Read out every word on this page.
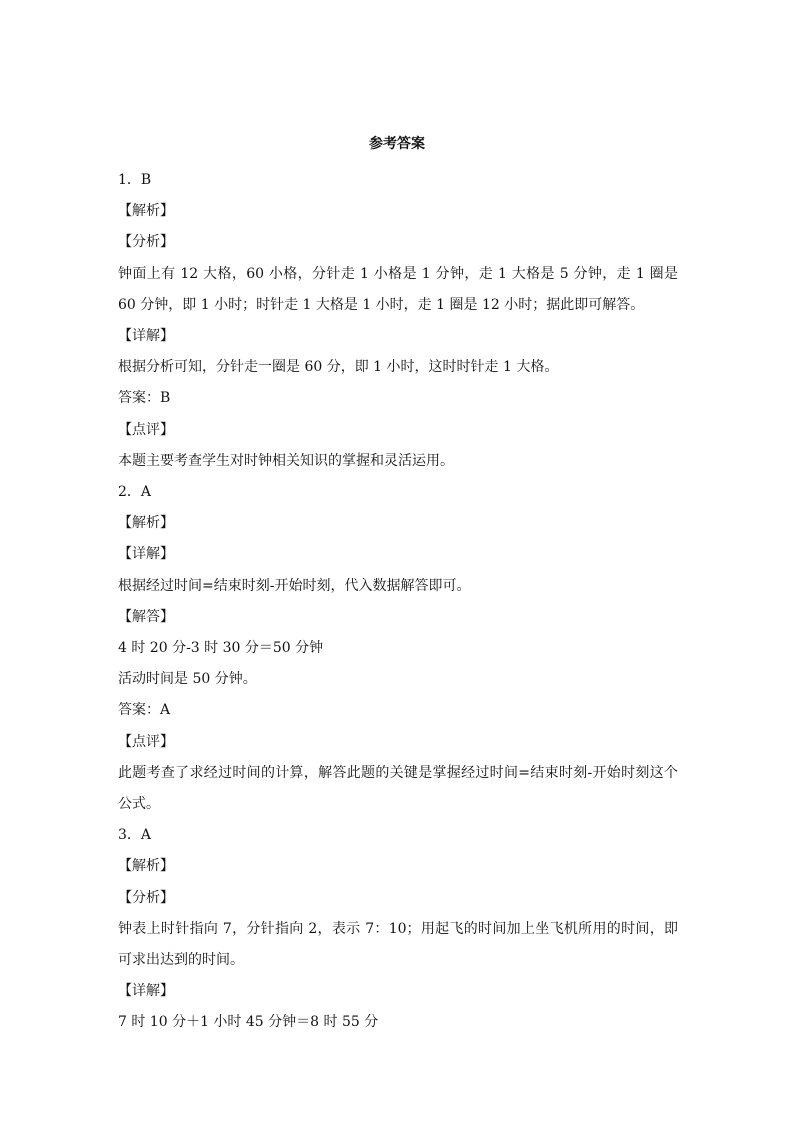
参考答案
1．B
【解析】
【分析】
钟面上有 12 大格，60 小格，分针走 1 小格是 1 分钟，走 1 大格是 5 分钟，走 1 圈是 60 分钟，即 1 小时；时针走 1 大格是 1 小时，走 1 圈是 12 小时；据此即可解答。
【详解】
根据分析可知，分针走一圈是 60 分，即 1 小时，这时时针走 1 大格。
答案：B
【点评】
本题主要考查学生对时钟相关知识的掌握和灵活运用。
2．A
【解析】
【详解】
根据经过时间=结束时刻-开始时刻，代入数据解答即可。
【解答】
4 时 20 分-3 时 30 分＝50 分钟
活动时间是 50 分钟。
答案：A
【点评】
此题考查了求经过时间的计算，解答此题的关键是掌握经过时间=结束时刻-开始时刻这个公式。
3．A
【解析】
【分析】
钟表上时针指向 7，分针指向 2，表示 7：10；用起飞的时间加上坐飞机所用的时间，即可求出达到的时间。
【详解】
7 时 10 分＋1 小时 45 分钟＝8 时 55 分
